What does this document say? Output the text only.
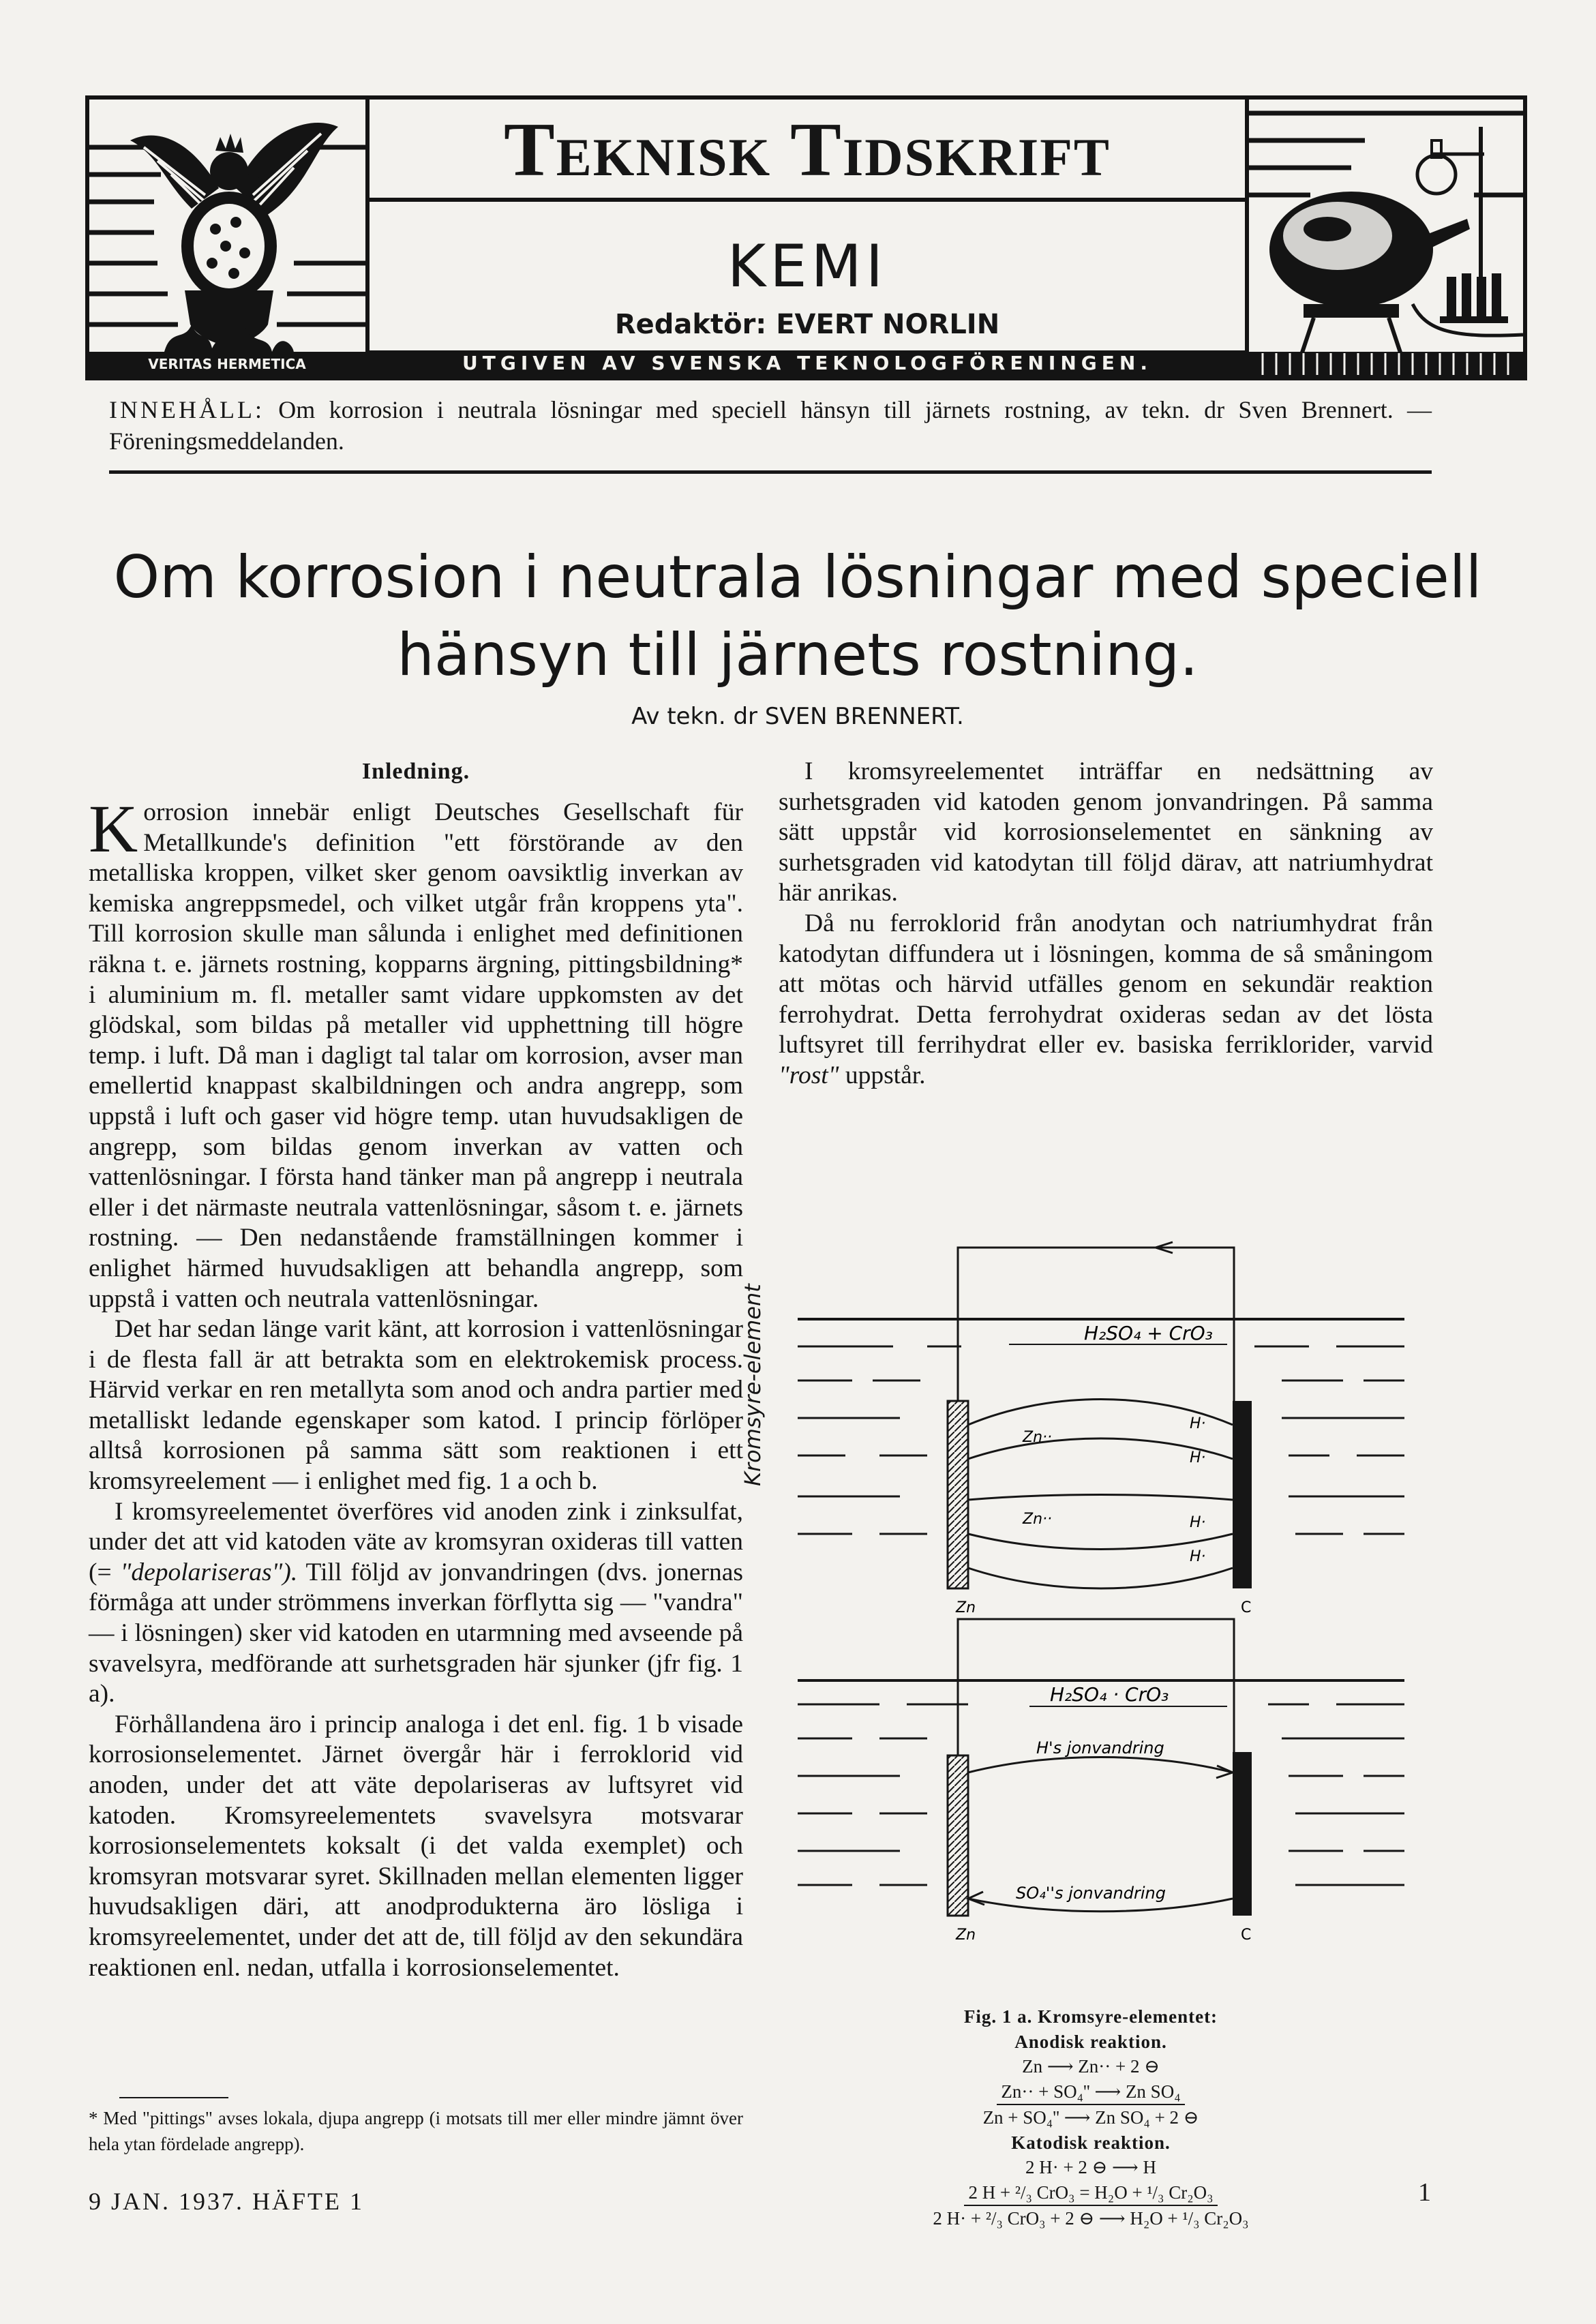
VERITAS HERMETICA
Teknisk Tidskrift
KEMI
Redaktör: EVERT NORLIN
UTGIVEN AV SVENSKA TEKNOLOGFÖRENINGEN.
INNEHÅLL: Om korrosion i neutrala lösningar med speciell hänsyn till järnets rostning, av tekn. dr Sven Brennert. — Föreningsmeddelanden.
Om korrosion i neutrala lösningar med speciell
hänsyn till järnets rostning.
Av tekn. dr SVEN BRENNERT.
Inledning.

Korrosion innebär enligt Deutsches Gesellschaft für Metallkunde's definition "ett förstörande av den metalliska kroppen, vilket sker genom oavsiktlig inverkan av kemiska angreppsmedel, och vilket utgår från kroppens yta". Till korrosion skulle man sålunda i enlighet med definitionen räkna t. e. järnets rostning, kopparns ärgning, pittingsbildning* i aluminium m. fl. metaller samt vidare uppkomsten av det glödskal, som bildas på metaller vid upphettning till högre temp. i luft. Då man i dagligt tal talar om korrosion, avser man emellertid knappast skalbildningen och andra angrepp, som uppstå i luft och gaser vid högre temp. utan huvudsakligen de angrepp, som bildas genom inverkan av vatten och vattenlösningar. I första hand tänker man på angrepp i neutrala eller i det närmaste neutrala vattenlösningar, såsom t. e. järnets rostning. — Den nedanstående framställningen kommer i enlighet härmed huvudsakligen att behandla angrepp, som uppstå i vatten och neutrala vattenlösningar.

Det har sedan länge varit känt, att korrosion i vattenlösningar i de flesta fall är att betrakta som en elektrokemisk process. Härvid verkar en ren metallyta som anod och andra partier med metalliskt ledande egenskaper som katod. I princip förlöper alltså korrosionen på samma sätt som reaktionen i ett kromsyreelement — i enlighet med fig. 1 a och b.

I kromsyreelementet överföres vid anoden zink i zinksulfat, under det att vid katoden väte av kromsyran oxideras till vatten (= "depolariseras"). Till följd av jonvandringen (dvs. jonernas förmåga att under strömmens inverkan förflytta sig — "vandra" — i lösningen) sker vid katoden en utarmning med avseende på svavelsyra, medförande att surhetsgraden här sjunker (jfr fig. 1 a).

Förhållandena äro i princip analoga i det enl. fig. 1 b visade korrosionselementet. Järnet övergår här i ferroklorid vid anoden, under det att väte depolariseras av luftsyret vid katoden. Kromsyreelementets svavelsyra motsvarar korrosionselementets koksalt (i det valda exemplet) och kromsyran motsvarar syret. Skillnaden mellan elementen ligger huvudsakligen däri, att anodprodukterna äro lösliga i kromsyreelementet, under det att de, till följd av den sekundära reaktionen enl. nedan, utfalla i korrosionselementet.

* Med "pittings" avses lokala, djupa angrepp (i motsats till mer eller mindre jämnt över hela ytan fördelade angrepp).

I kromsyreelementet inträffar en nedsättning av surhetsgraden vid katoden genom jonvandringen. På samma sätt uppstår vid korrosionselementet en sänkning av surhetsgraden vid katodytan till följd därav, att natriumhydrat här anrikas.

Då nu ferroklorid från anodytan och natriumhydrat från katodytan diffundera ut i lösningen, komma de så småningom att mötas och härvid utfälles genom en sekundär reaktion ferrohydrat. Detta ferrohydrat oxideras sedan av det lösta luftsyret till ferrihydrat eller ev. basiska ferriklorider, varvid "rost" uppstår.

Kromsyre-element	H₂SO₄ + CrO₃
Zn··
Zn··
H·
H·
H·
H·
Zn	C
H₂SO₄ · CrO₃
H's jonvandring
SO₄''s jonvandring
Zn	C
Fig. 1 a. Kromsyre-elementet:
Anodisk reaktion.
Zn ⟶ Zn·· + 2 ⊖
Zn·· + SO₄'' ⟶ Zn SO₄
Zn + SO₄'' ⟶ Zn SO₄ + 2 ⊖
Katodisk reaktion.
2 H· + 2 ⊖ ⟶ H
2 H + ²/₃ CrO₃ = H₂O + ¹/₃ Cr₂O₃
2 H· + ²/₃ CrO₃ + 2 ⊖ ⟶ H₂O + ¹/₃ Cr₂O₃
9 JAN. 1937. HÄFTE 1	1
